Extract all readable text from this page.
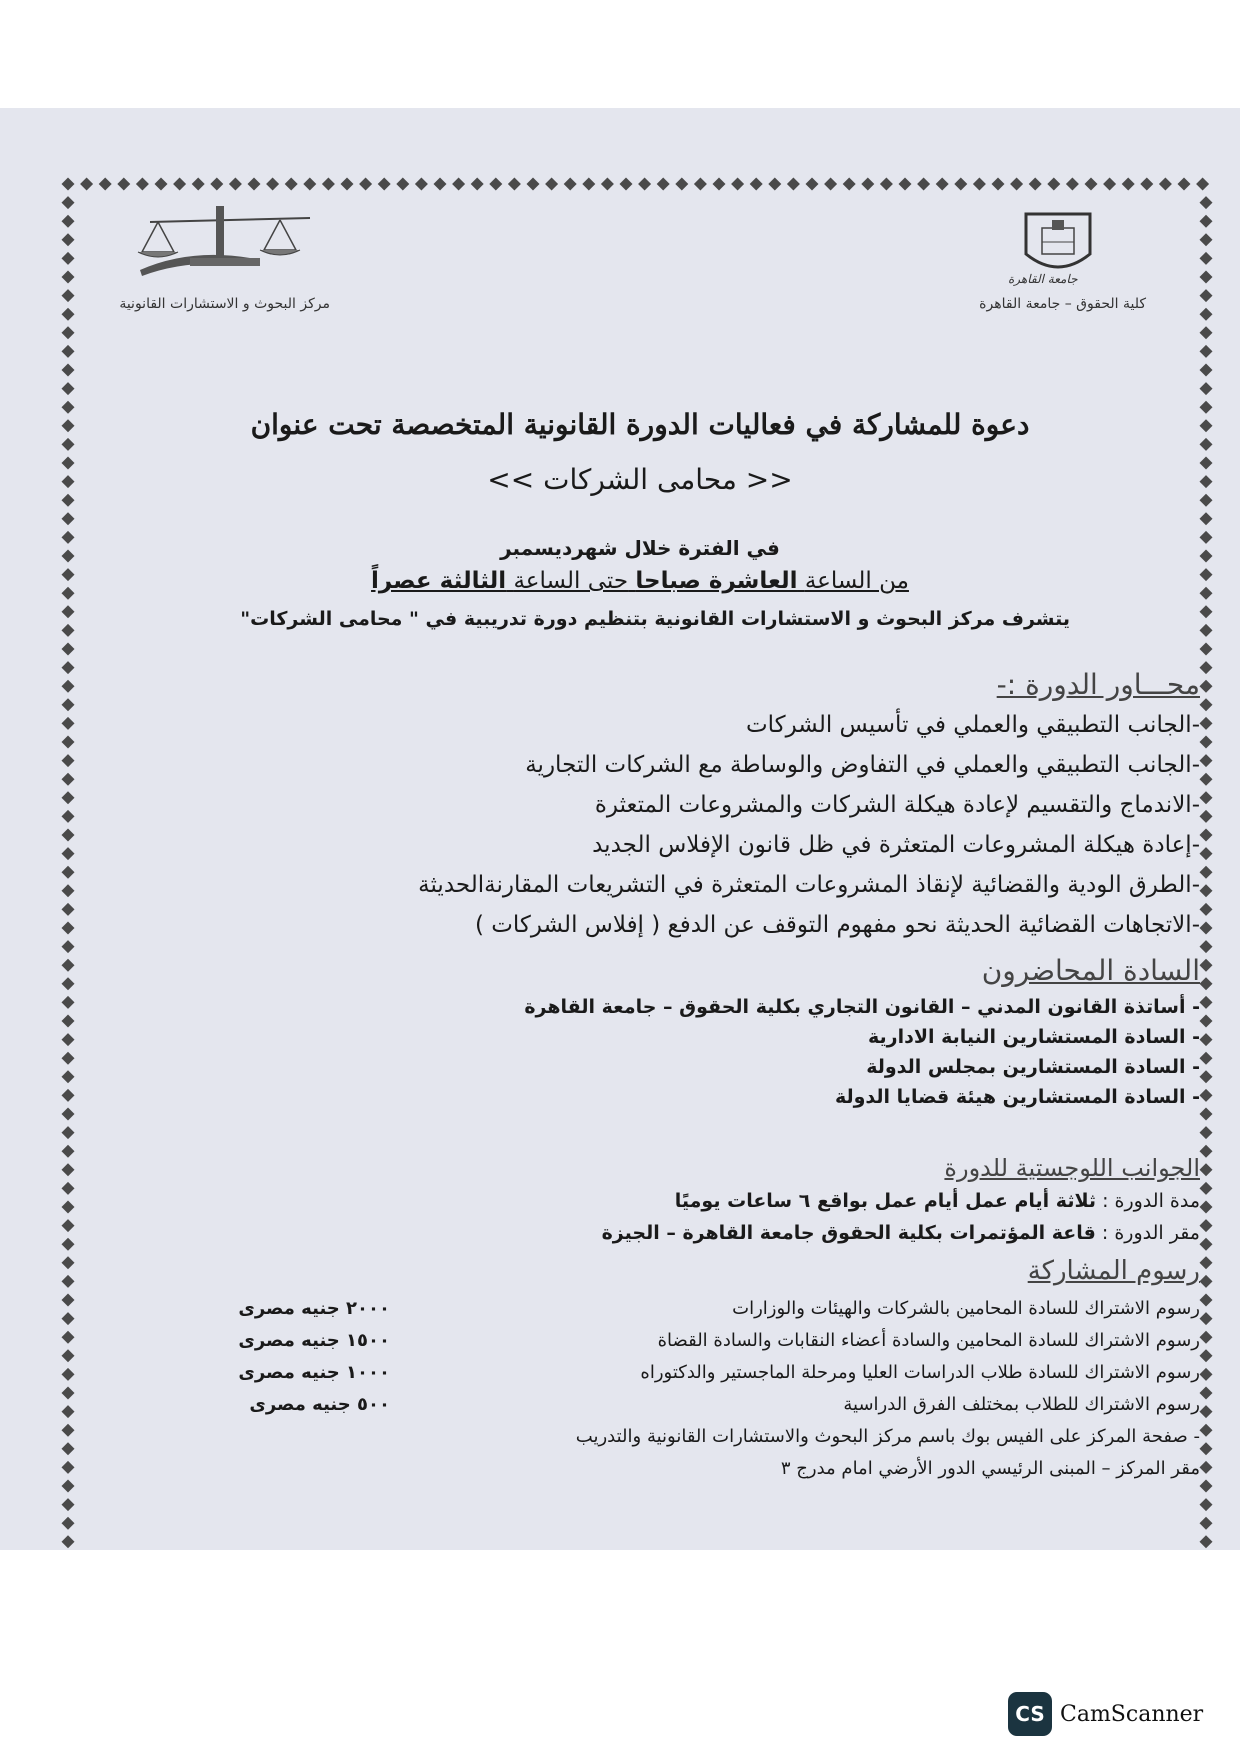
مركز البحوث و الاستشارات القانونية
جامعة القاهرة
كلية الحقوق – جامعة القاهرة
دعوة للمشاركة في فعاليات الدورة القانونية المتخصصة تحت عنوان
<< محامى الشركات >>
في الفترة خلال شهرديسمبر
من الساعة العاشرة صباحا حتى الساعة الثالثة عصراً
يتشرف مركز البحوث و الاستشارات القانونية بتنظيم دورة تدريبية في " محامى الشركات"
محـــاور الدورة :-
-الجانب التطبيقي والعملي في تأسيس الشركات
-الجانب التطبيقي والعملي في التفاوض والوساطة مع الشركات التجارية
-الاندماج والتقسيم لإعادة هيكلة الشركات والمشروعات المتعثرة
-إعادة هيكلة المشروعات المتعثرة في ظل قانون الإفلاس الجديد
-الطرق الودية والقضائية لإنقاذ المشروعات المتعثرة في التشريعات المقارنةالحديثة
-الاتجاهات القضائية الحديثة نحو مفهوم التوقف عن الدفع ( إفلاس الشركات )
السادة المحاضرون
- أساتذة القانون المدني – القانون التجاري بكلية الحقوق – جامعة القاهرة
- السادة المستشارين النيابة الادارية
- السادة المستشارين بمجلس الدولة
- السادة المستشارين هيئة قضايا الدولة
الجوانب اللوجستية للدورة
مدة الدورة : ثلاثة أيام عمل أيام عمل بواقع ٦ ساعات يوميًا
مقر الدورة : قاعة المؤتمرات بكلية الحقوق جامعة القاهرة – الجيزة
رسوم المشاركة
رسوم الاشتراك للسادة المحامين بالشركات والهيئات والوزارات
٢٠٠٠ جنيه مصرى
رسوم الاشتراك للسادة المحامين والسادة أعضاء النقابات والسادة القضاة
١٥٠٠ جنيه مصرى
رسوم الاشتراك للسادة طلاب الدراسات العليا ومرحلة الماجستير والدكتوراه
١٠٠٠ جنيه مصرى
رسوم الاشتراك للطلاب بمختلف الفرق الدراسية
٥٠٠ جنيه مصرى
- صفحة المركز على الفيس بوك باسم مركز البحوث والاستشارات القانونية والتدريب
مقر المركز – المبنى الرئيسي الدور الأرضي امام مدرج ٣
CS CamScanner
